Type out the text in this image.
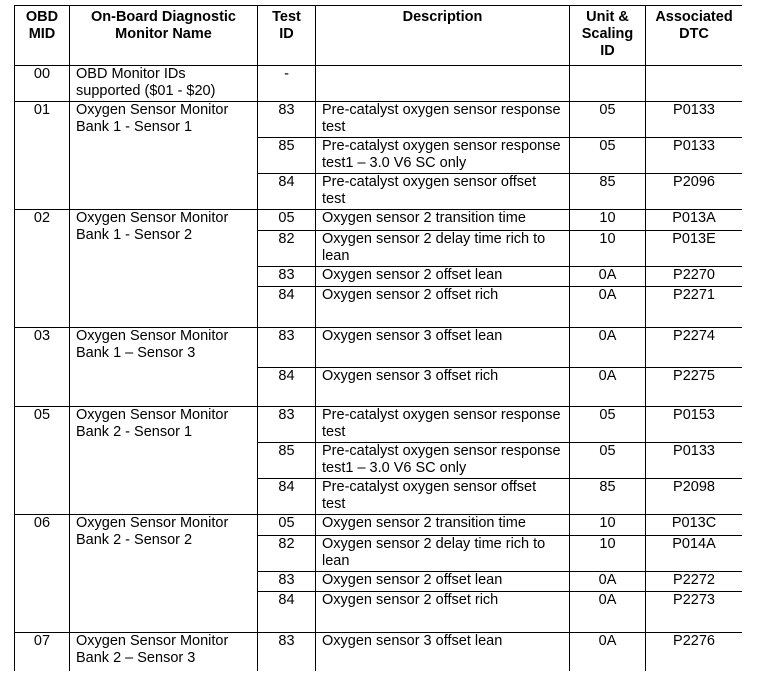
OBD MID	On-Board Diagnostic Monitor Name	Test ID	Description	Unit & Scaling ID	Associated DTC
00	OBD Monitor IDs supported ($01 - $20)	-			
01	Oxygen Sensor Monitor Bank 1 - Sensor 1	83	Pre-catalyst oxygen sensor response test	05	P0133
		85	Pre-catalyst oxygen sensor response test1 – 3.0 V6 SC only	05	P0133
		84	Pre-catalyst oxygen sensor offset test	85	P2096
02	Oxygen Sensor Monitor Bank 1 - Sensor 2	05	Oxygen sensor 2 transition time	10	P013A
		82	Oxygen sensor 2 delay time rich to lean	10	P013E
		83	Oxygen sensor 2 offset lean	0A	P2270
		84	Oxygen sensor 2 offset rich	0A	P2271
03	Oxygen Sensor Monitor Bank 1 – Sensor 3	83	Oxygen sensor 3 offset lean	0A	P2274
		84	Oxygen sensor 3 offset rich	0A	P2275
05	Oxygen Sensor Monitor Bank 2 - Sensor 1	83	Pre-catalyst oxygen sensor response test	05	P0153
		85	Pre-catalyst oxygen sensor response test1 – 3.0 V6 SC only	05	P0133
		84	Pre-catalyst oxygen sensor offset test	85	P2098
06	Oxygen Sensor Monitor Bank 2 - Sensor 2	05	Oxygen sensor 2 transition time	10	P013C
		82	Oxygen sensor 2 delay time rich to lean	10	P014A
		83	Oxygen sensor 2 offset lean	0A	P2272
		84	Oxygen sensor 2 offset rich	0A	P2273
07	Oxygen Sensor Monitor Bank 2 – Sensor 3	83	Oxygen sensor 3 offset lean	0A	P2276
